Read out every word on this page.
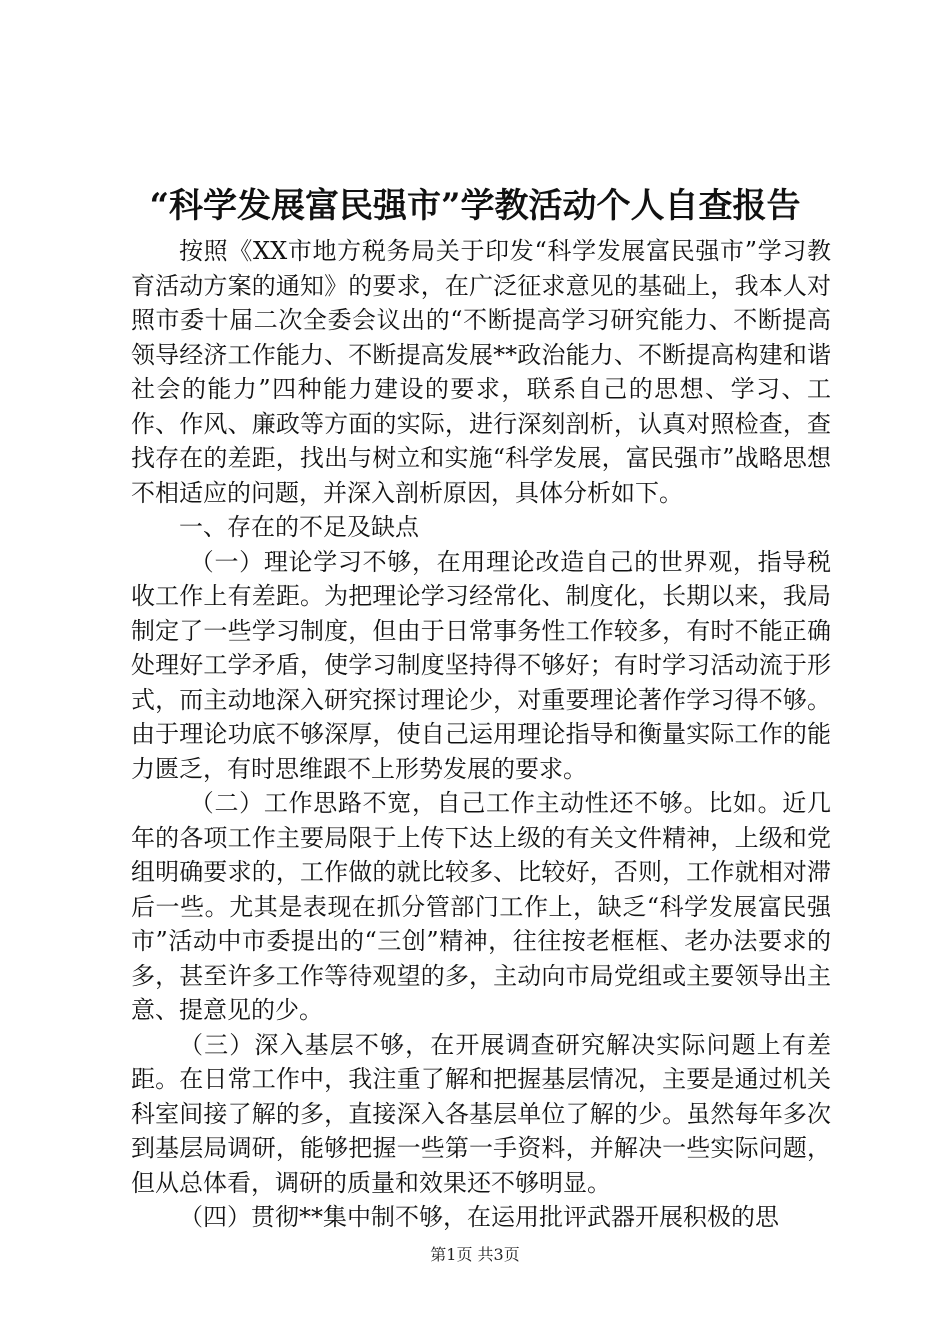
“科学发展富民强市”学教活动个人自查报告

按照《XX市地方税务局关于印发“科学发展富民强市”学习教育活动方案的通知》的要求，在广泛征求意见的基础上，我本人对照市委十届二次全委会议出的“不断提高学习研究能力、不断提高领导经济工作能力、不断提高发展**政治能力、不断提高构建和谐社会的能力”四种能力建设的要求，联系自己的思想、学习、工作、作风、廉政等方面的实际，进行深刻剖析，认真对照检查，查找存在的差距，找出与树立和实施“科学发展，富民强市”战略思想不相适应的问题，并深入剖析原因，具体分析如下。

一、存在的不足及缺点

（一）理论学习不够，在用理论改造自己的世界观，指导税收工作上有差距。为把理论学习经常化、制度化，长期以来，我局制定了一些学习制度，但由于日常事务性工作较多，有时不能正确处理好工学矛盾，使学习制度坚持得不够好；有时学习活动流于形式，而主动地深入研究探讨理论少，对重要理论著作学习得不够。由于理论功底不够深厚，使自己运用理论指导和衡量实际工作的能力匮乏，有时思维跟不上形势发展的要求。

（二）工作思路不宽，自己工作主动性还不够。比如。近几年的各项工作主要局限于上传下达上级的有关文件精神，上级和党组明确要求的，工作做的就比较多、比较好，否则，工作就相对滞后一些。尤其是表现在抓分管部门工作上，缺乏“科学发展富民强市”活动中市委提出的“三创”精神，往往按老框框、老办法要求的多，甚至许多工作等待观望的多，主动向市局党组或主要领导出主意、提意见的少。

（三）深入基层不够，在开展调查研究解决实际问题上有差距。在日常工作中，我注重了解和把握基层情况，主要是通过机关科室间接了解的多，直接深入各基层单位了解的少。虽然每年多次到基层局调研，能够把握一些第一手资料，并解决一些实际问题，但从总体看，调研的质量和效果还不够明显。

（四）贯彻**集中制不够，在运用批评武器开展积极的思

第1页 共3页
